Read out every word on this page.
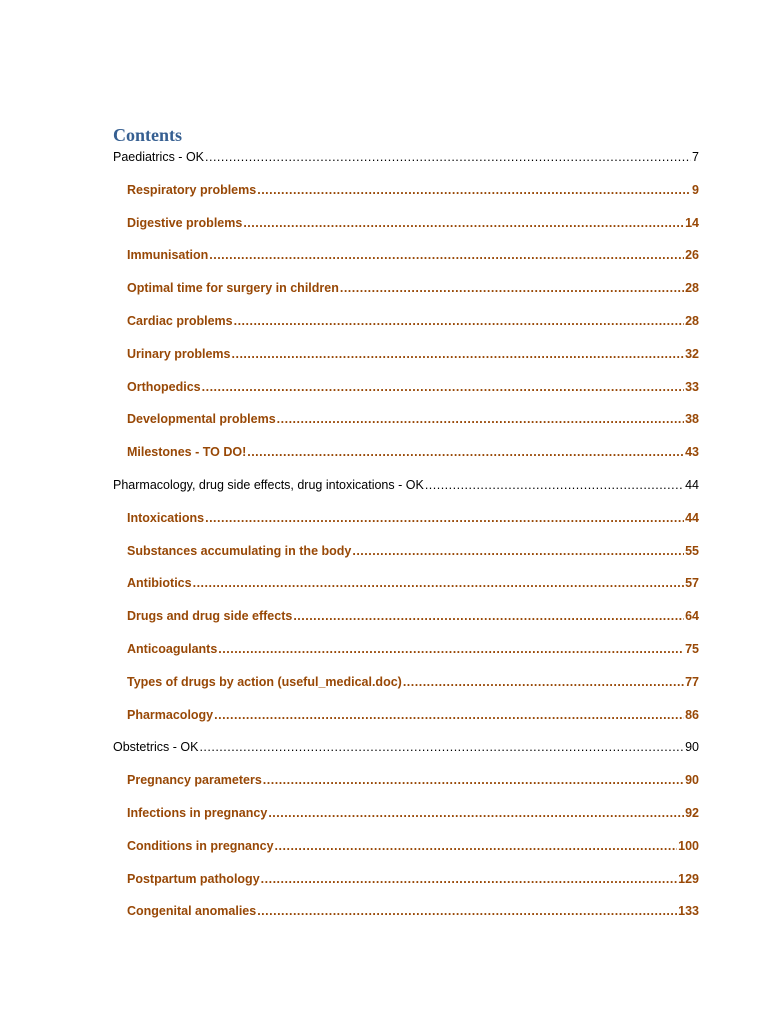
Contents
Paediatrics - OK .....	7
Respiratory problems .....	9
Digestive problems .....	14
Immunisation .....	26
Optimal time for surgery in children .....	28
Cardiac problems .....	28
Urinary problems .....	32
Orthopedics .....	33
Developmental problems .....	38
Milestones - TO DO! .....	43
Pharmacology, drug side effects, drug intoxications - OK .....	44
Intoxications .....	44
Substances accumulating in the body .....	55
Antibiotics .....	57
Drugs and drug side effects .....	64
Anticoagulants .....	75
Types of drugs by action (useful_medical.doc) .....	77
Pharmacology .....	86
Obstetrics - OK .....	90
Pregnancy parameters .....	90
Infections in pregnancy .....	92
Conditions in pregnancy .....	100
Postpartum pathology .....	129
Congenital anomalies .....	133
